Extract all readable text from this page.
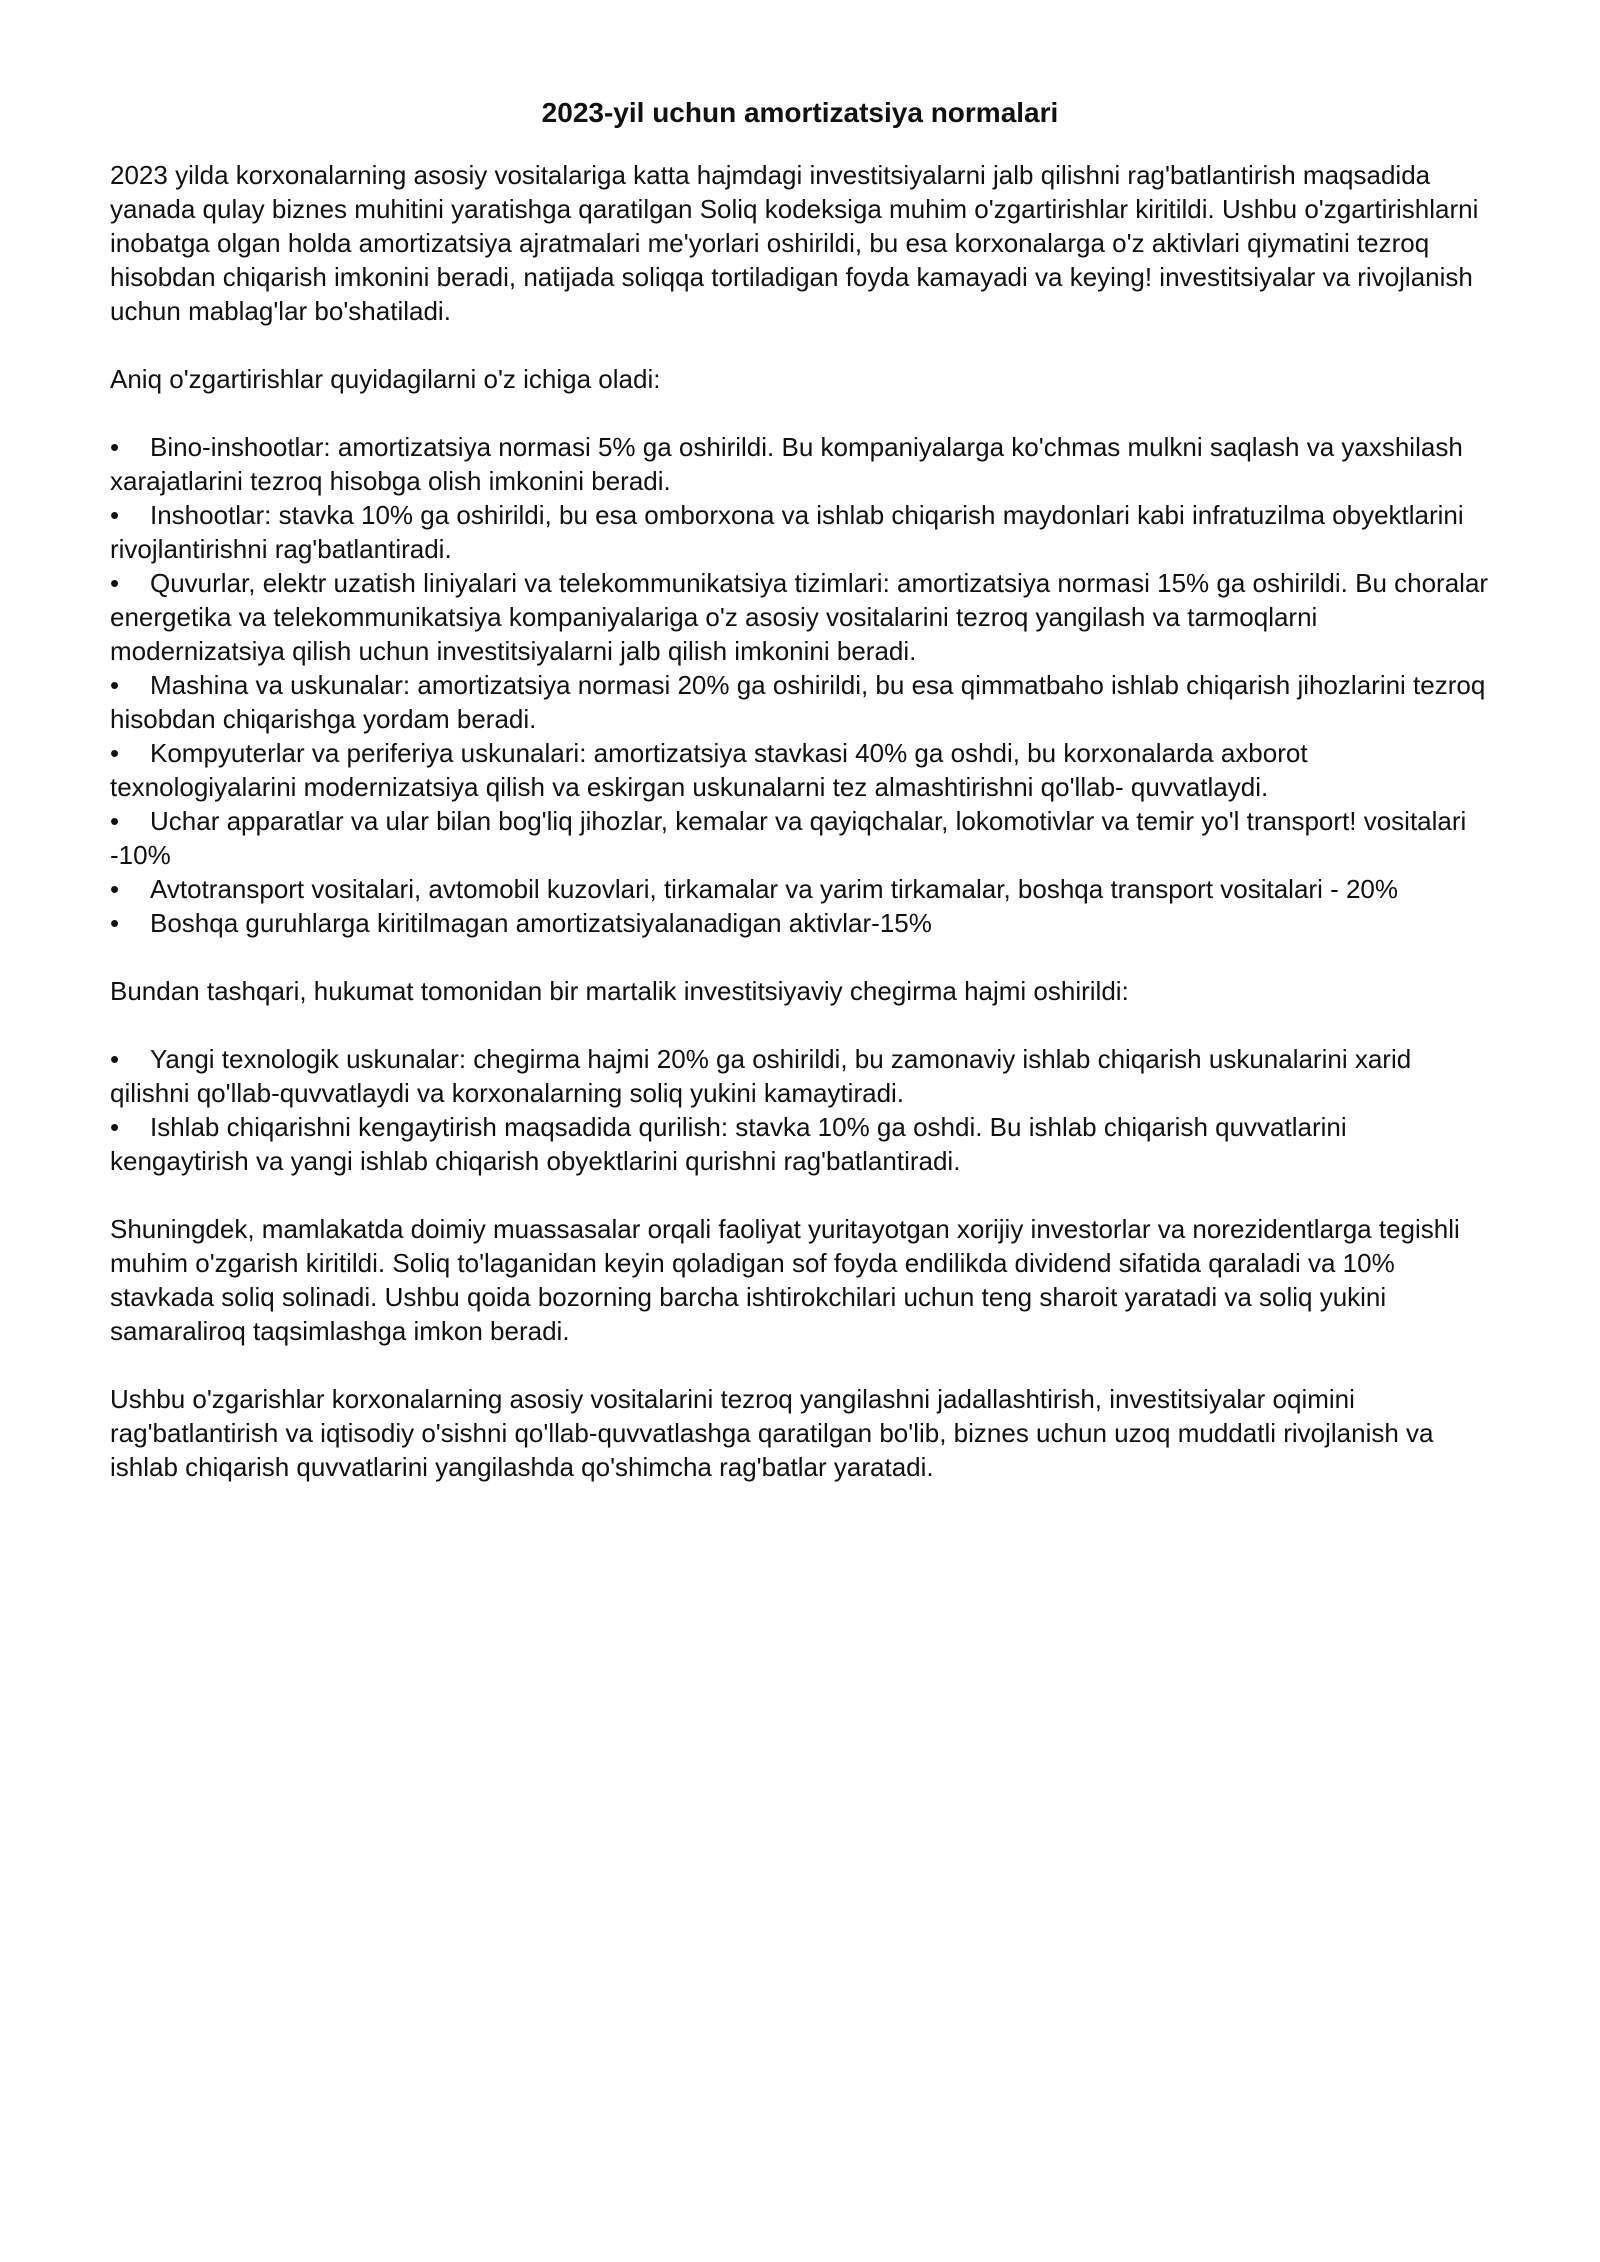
2023-yil uchun amortizatsiya normalari

2023 yilda korxonalarning asosiy vositalariga katta hajmdagi investitsiyalarni jalb qilishni rag'batlantirish maqsadida yanada qulay biznes muhitini yaratishga qaratilgan Soliq kodeksiga muhim o'zgartirishlar kiritildi. Ushbu o'zgartirishlarni inobatga olgan holda amortizatsiya ajratmalari me'yorlari oshirildi, bu esa korxonalarga o'z aktivlari qiymatini tezroq hisobdan chiqarish imkonini beradi, natijada soliqqa tortiladigan foyda kamayadi va keying! investitsiyalar va rivojlanish uchun mablag'lar bo'shatiladi.

Aniq o'zgartirishlar quyidagilarni o'z ichiga oladi:

• Bino-inshootlar: amortizatsiya normasi 5% ga oshirildi. Bu kompaniyalarga ko'chmas mulkni saqlash va yaxshilash xarajatlarini tezroq hisobga olish imkonini beradi.
• Inshootlar: stavka 10% ga oshirildi, bu esa omborxona va ishlab chiqarish maydonlari kabi infratuzilma obyektlarini rivojlantirishni rag'batlantiradi.
• Quvurlar, elektr uzatish liniyalari va telekommunikatsiya tizimlari: amortizatsiya normasi 15% ga oshirildi. Bu choralar energetika va telekommunikatsiya kompaniyalariga o'z asosiy vositalarini tezroq yangilash va tarmoqlarni modernizatsiya qilish uchun investitsiyalarni jalb qilish imkonini beradi.
• Mashina va uskunalar: amortizatsiya normasi 20% ga oshirildi, bu esa qimmatbaho ishlab chiqarish jihozlarini tezroq hisobdan chiqarishga yordam beradi.
• Kompyuterlar va periferiya uskunalari: amortizatsiya stavkasi 40% ga oshdi, bu korxonalarda axborot texnologiyalarini modernizatsiya qilish va eskirgan uskunalarni tez almashtirishni qo'llab- quvvatlaydi.
• Uchar apparatlar va ular bilan bog'liq jihozlar, kemalar va qayiqchalar, lokomotivlar va temir yo'l transport! vositalari -10%
• Avtotransport vositalari, avtomobil kuzovlari, tirkamalar va yarim tirkamalar, boshqa transport vositalari - 20%
• Boshqa guruhlarga kiritilmagan amortizatsiyalanadigan aktivlar-15%

Bundan tashqari, hukumat tomonidan bir martalik investitsiyaviy chegirma hajmi oshirildi:

• Yangi texnologik uskunalar: chegirma hajmi 20% ga oshirildi, bu zamonaviy ishlab chiqarish uskunalarini xarid qilishni qo'llab-quvvatlaydi va korxonalarning soliq yukini kamaytiradi.
• Ishlab chiqarishni kengaytirish maqsadida qurilish: stavka 10% ga oshdi. Bu ishlab chiqarish quvvatlarini kengaytirish va yangi ishlab chiqarish obyektlarini qurishni rag'batlantiradi.

Shuningdek, mamlakatda doimiy muassasalar orqali faoliyat yuritayotgan xorijiy investorlar va norezidentlarga tegishli muhim o'zgarish kiritildi. Soliq to'laganidan keyin qoladigan sof foyda endilikda dividend sifatida qaraladi va 10% stavkada soliq solinadi. Ushbu qoida bozorning barcha ishtirokchilari uchun teng sharoit yaratadi va soliq yukini samaraliroq taqsimlashga imkon beradi.

Ushbu o'zgarishlar korxonalarning asosiy vositalarini tezroq yangilashni jadallashtirish, investitsiyalar oqimini rag'batlantirish va iqtisodiy o'sishni qo'llab-quvvatlashga qaratilgan bo'lib, biznes uchun uzoq muddatli rivojlanish va ishlab chiqarish quvvatlarini yangilashda qo'shimcha rag'batlar yaratadi.
